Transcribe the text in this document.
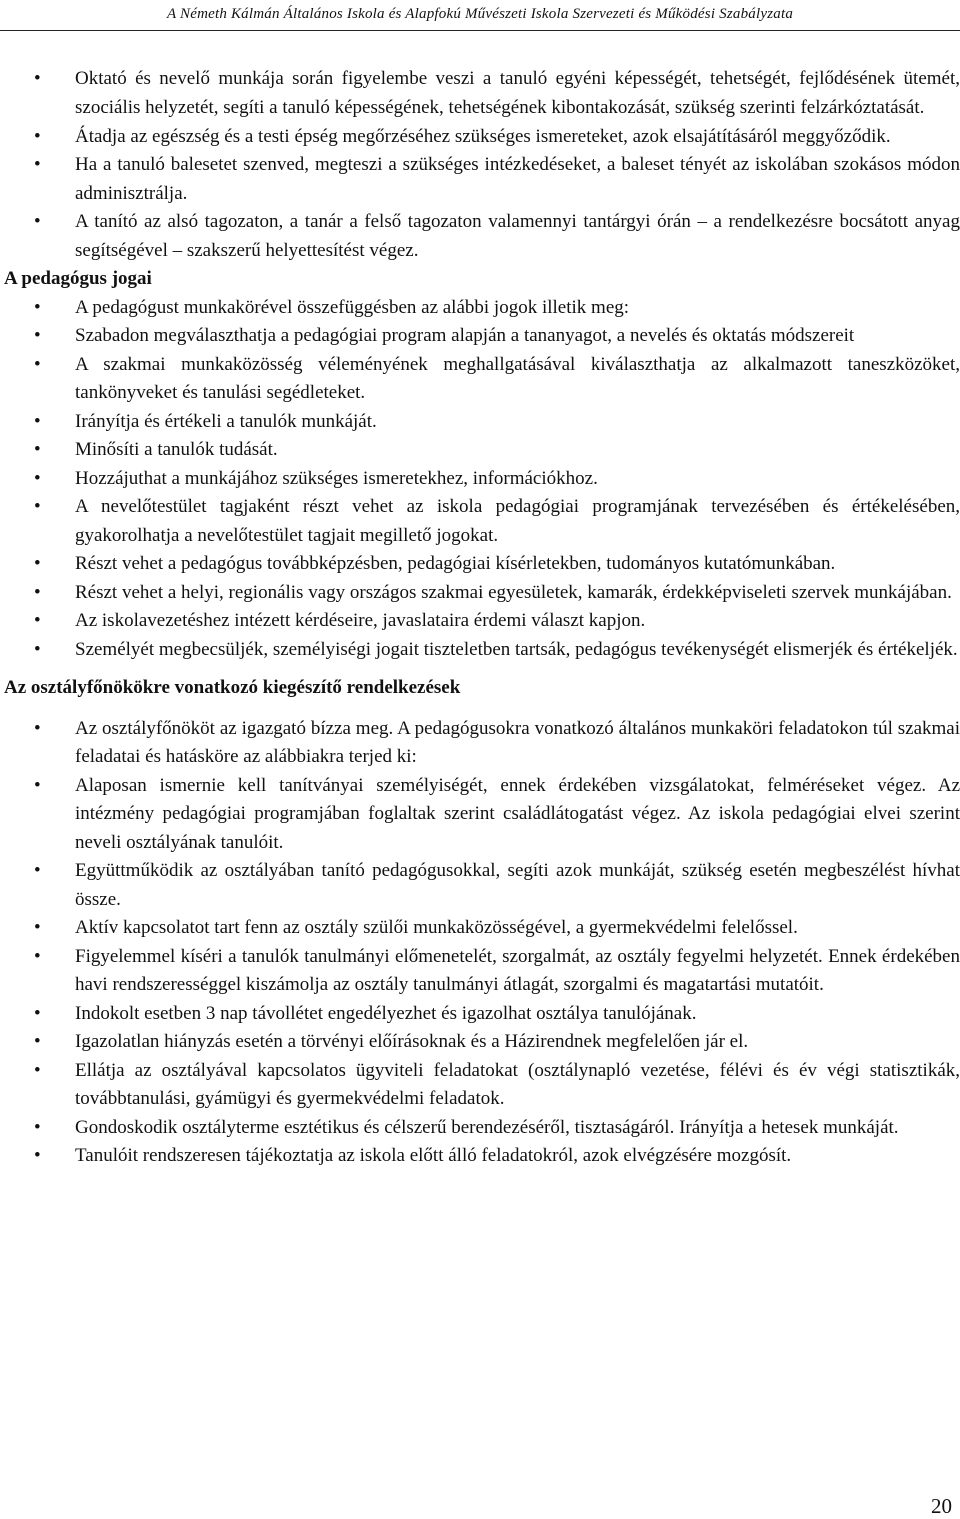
A Németh Kálmán Általános Iskola és Alapfokú Művészeti Iskola Szervezeti és Működési Szabályzata
• Oktató és nevelő munkája során figyelembe veszi a tanuló egyéni képességét, tehetségét, fejlődésének ütemét, szociális helyzetét, segíti a tanuló képességének, tehetségének kibontakozását, szükség szerinti felzárkóztatását.
• Átadja az egészség és a testi épség megőrzéséhez szükséges ismereteket, azok elsajátításáról meggyőződik.
• Ha a tanuló balesetet szenved, megteszi a szükséges intézkedéseket, a baleset tényét az iskolában szokásos módon adminisztrálja.
• A tanító az alsó tagozaton, a tanár a felső tagozaton valamennyi tantárgyi órán – a rendelkezésre bocsátott anyag segítségével – szakszerű helyettesítést végez.
A pedagógus jogai
• A pedagógust munkakörével összefüggésben az alábbi jogok illetik meg:
• Szabadon megválaszthatja a pedagógiai program alapján a tananyagot, a nevelés és oktatás módszereit
• A szakmai munkaközösség véleményének meghallgatásával kiválaszthatja az alkalmazott taneszközöket, tankönyveket és tanulási segédleteket.
• Irányítja és értékeli a tanulók munkáját.
• Minősíti a tanulók tudását.
• Hozzájuthat a munkájához szükséges ismeretekhez, információkhoz.
• A nevelőtestület tagjaként részt vehet az iskola pedagógiai programjának tervezésében és értékelésében, gyakorolhatja a nevelőtestület tagjait megillető jogokat.
• Részt vehet a pedagógus továbbképzésben, pedagógiai kísérletekben, tudományos kutatómunkában.
• Részt vehet a helyi, regionális vagy országos szakmai egyesületek, kamarák, érdekképviseleti szervek munkájában.
• Az iskolavezetéshez intézett kérdéseire, javaslataira érdemi választ kapjon.
• Személyét megbecsüljék, személyiségi jogait tiszteletben tartsák, pedagógus tevékenységét elismerjék és értékeljék.
Az osztályfőnökökre vonatkozó kiegészítő rendelkezések
• Az osztályfőnököt az igazgató bízza meg. A pedagógusokra vonatkozó általános munkaköri feladatokon túl szakmai feladatai és hatásköre az alábbiakra terjed ki:
• Alaposan ismernie kell tanítványai személyiségét, ennek érdekében vizsgálatokat, felméréseket végez. Az intézmény pedagógiai programjában foglaltak szerint családlátogatást végez. Az iskola pedagógiai elvei szerint neveli osztályának tanulóit.
• Együttműködik az osztályában tanító pedagógusokkal, segíti azok munkáját, szükség esetén megbeszélést hívhat össze.
• Aktív kapcsolatot tart fenn az osztály szülői munkaközösségével, a gyermekvédelmi felelőssel.
• Figyelemmel kíséri a tanulók tanulmányi előmenetelét, szorgalmát, az osztály fegyelmi helyzetét. Ennek érdekében havi rendszerességgel kiszámolja az osztály tanulmányi átlagát, szorgalmi és magatartási mutatóit.
• Indokolt esetben 3 nap távollétet engedélyezhet és igazolhat osztálya tanulójának.
• Igazolatlan hiányzás esetén a törvényi előírásoknak és a Házirendnek megfelelően jár el.
• Ellátja az osztályával kapcsolatos ügyviteli feladatokat (osztálynapló vezetése, félévi és év végi statisztikák, továbbtanulási, gyámügyi és gyermekvédelmi feladatok.
• Gondoskodik osztályterme esztétikus és célszerű berendezéséről, tisztaságáról. Irányítja a hetesek munkáját.
• Tanulóit rendszeresen tájékoztatja az iskola előtt álló feladatokról, azok elvégzésére mozgósít.
20
